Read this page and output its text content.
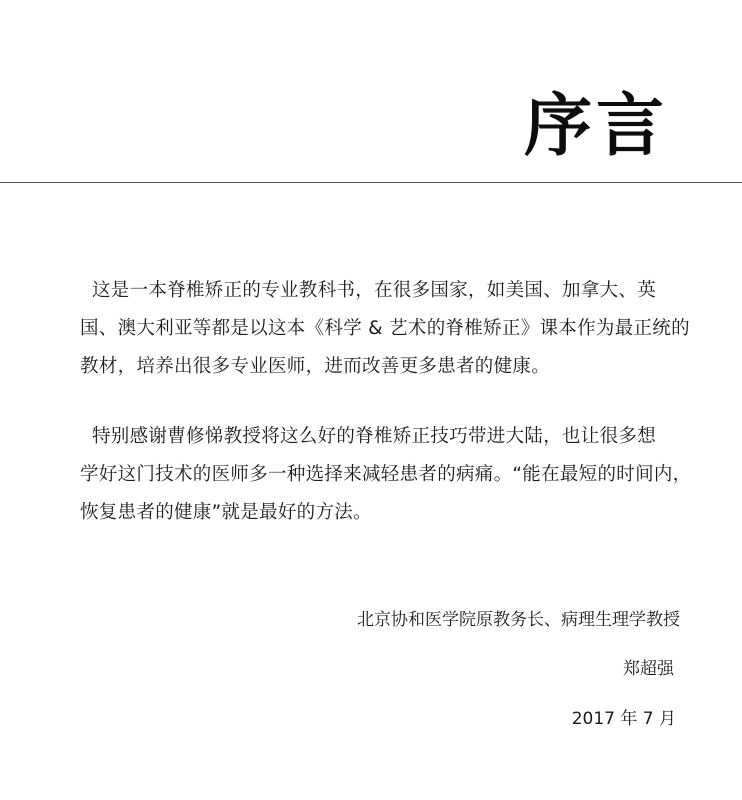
序言
这是一本脊椎矫正的专业教科书，在很多国家，如美国、加拿大、英
国、澳大利亚等都是以这本《科学 & 艺术的脊椎矫正》课本作为最正统的
教材，培养出很多专业医师，进而改善更多患者的健康。
特别感谢曹修悌教授将这么好的脊椎矫正技巧带进大陆，也让很多想
学好这门技术的医师多一种选择来减轻患者的病痛。“能在最短的时间内，
恢复患者的健康”就是最好的方法。
北京协和医学院原教务长、病理生理学教授
郑超强
2017 年 7 月
